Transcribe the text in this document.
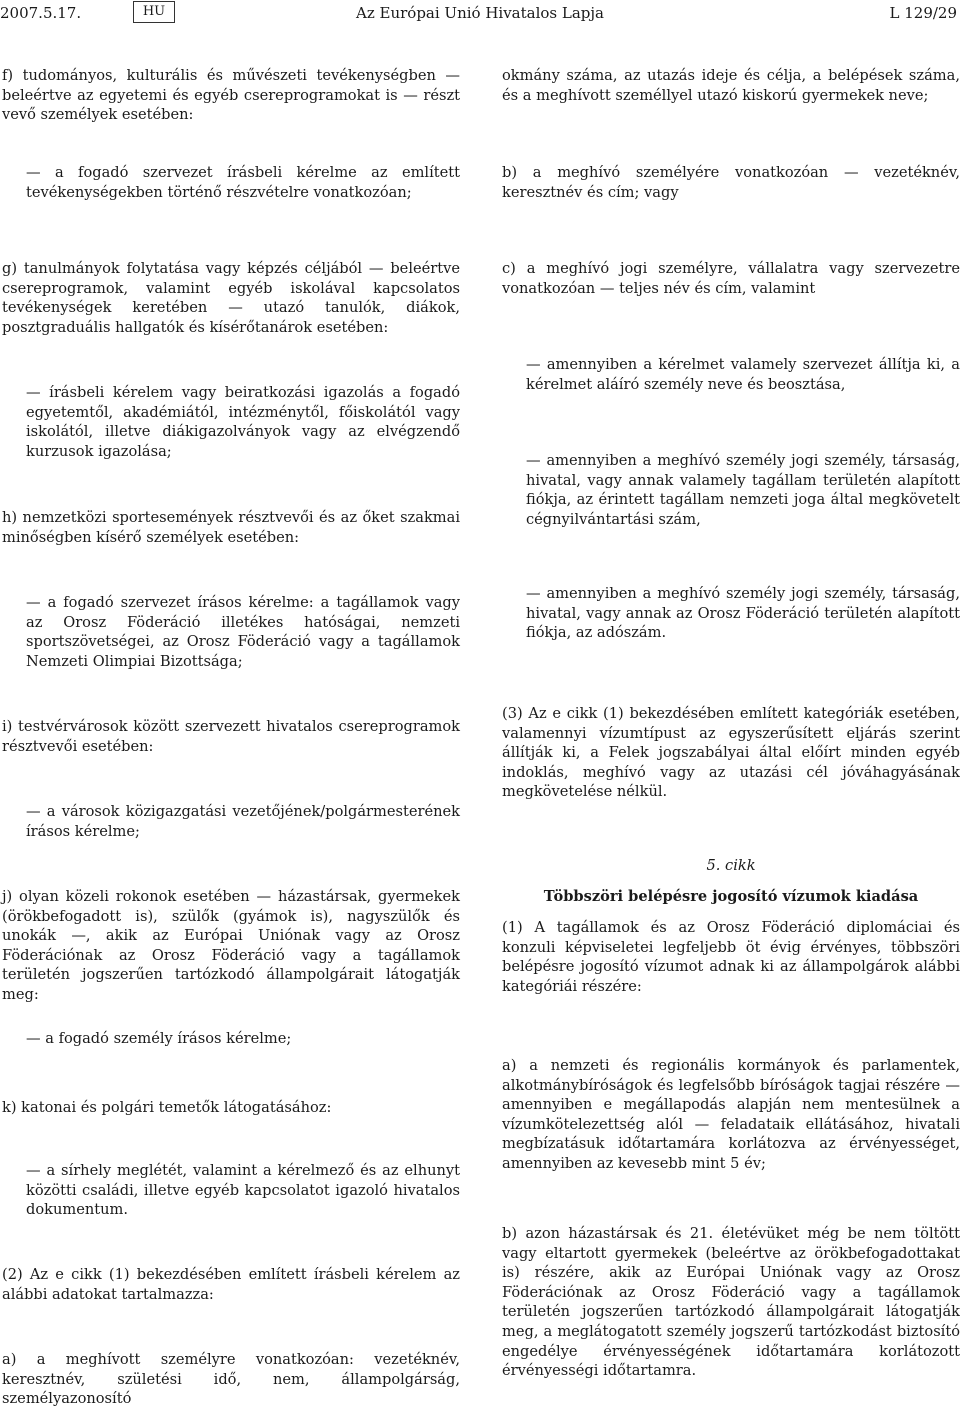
2007.5.17.	HU	Az Európai Unió Hivatalos Lapja	L 129/29
f) tudományos, kulturális és művészeti tevékenységben — beleértve az egyetemi és egyéb csereprogramokat is — részt vevő személyek esetében:
— a fogadó szervezet írásbeli kérelme az említett tevékenységekben történő részvételre vonatkozóan;
g) tanulmányok folytatása vagy képzés céljából — beleértve csereprogramok, valamint egyéb iskolával kapcsolatos tevékenységek keretében — utazó tanulók, diákok, posztgraduális hallgatók és kísérőtanárok esetében:
— írásbeli kérelem vagy beiratkozási igazolás a fogadó egyetemtől, akadémiától, intézménytől, főiskolától vagy iskolától, illetve diákigazolványok vagy az elvégzendő kurzusok igazolása;
h) nemzetközi sportesemények résztvevői és az őket szakmai minőségben kísérő személyek esetében:
— a fogadó szervezet írásos kérelme: a tagállamok vagy az Orosz Föderáció illetékes hatóságai, nemzeti sportszövetségei, az Orosz Föderáció vagy a tagállamok Nemzeti Olimpiai Bizottsága;
i) testvérvárosok között szervezett hivatalos csereprogramok résztvevői esetében:
— a városok közigazgatási vezetőjének/polgármesterének írásos kérelme;
j) olyan közeli rokonok esetében — házastársak, gyermekek (örökbefogadott is), szülők (gyámok is), nagyszülők és unokák —, akik az Európai Uniónak vagy az Orosz Föderációnak az Orosz Föderáció vagy a tagállamok területén jogszerűen tartózkodó állampolgárait látogatják meg:
— a fogadó személy írásos kérelme;
k) katonai és polgári temetők látogatásához:
— a sírhely meglétét, valamint a kérelmező és az elhunyt közötti családi, illetve egyéb kapcsolatot igazoló hivatalos dokumentum.
(2) Az e cikk (1) bekezdésében említett írásbeli kérelem az alábbi adatokat tartalmazza:
a) a meghívott személyre vonatkozóan: vezetéknév, keresztnév, születési idő, nem, állampolgárság, személyazonosító
okmány száma, az utazás ideje és célja, a belépések száma, és a meghívott személlyel utazó kiskorú gyermekek neve;
b) a meghívó személyére vonatkozóan — vezetéknév, keresztnév és cím; vagy
c) a meghívó jogi személyre, vállalatra vagy szervezetre vonatkozóan — teljes név és cím, valamint
— amennyiben a kérelmet valamely szervezet állítja ki, a kérelmet aláíró személy neve és beosztása,
— amennyiben a meghívó személy jogi személy, társaság, hivatal, vagy annak valamely tagállam területén alapított fiókja, az érintett tagállam nemzeti joga által megkövetelt cégnyilvántartási szám,
— amennyiben a meghívó személy jogi személy, társaság, hivatal, vagy annak az Orosz Föderáció területén alapított fiókja, az adószám.
(3) Az e cikk (1) bekezdésében említett kategóriák esetében, valamennyi vízumtípust az egyszerűsített eljárás szerint állítják ki, a Felek jogszabályai által előírt minden egyéb indoklás, meghívó vagy az utazási cél jóváhagyásának megkövetelése nélkül.
5. cikk
Többszöri belépésre jogosító vízumok kiadása
(1) A tagállamok és az Orosz Föderáció diplomáciai és konzuli képviseletei legfeljebb öt évig érvényes, többszöri belépésre jogosító vízumot adnak ki az állampolgárok alábbi kategóriái részére:
a) a nemzeti és regionális kormányok és parlamentek, alkotmánybíróságok és legfelsőbb bíróságok tagjai részére — amennyiben e megállapodás alapján nem mentesülnek a vízumkötelezettség alól — feladataik ellátásához, hivatali megbízatásuk időtartamára korlátozva az érvényességet, amennyiben az kevesebb mint 5 év;
b) azon házastársak és 21. életévüket még be nem töltött vagy eltartott gyermekek (beleértve az örökbefogadottakat is) részére, akik az Európai Uniónak vagy az Orosz Föderációnak az Orosz Föderáció vagy a tagállamok területén jogszerűen tartózkodó állampolgárait látogatják meg, a meglátogatott személy jogszerű tartózkodást biztosító engedélye érvényességének időtartamára korlátozott érvényességi időtartamra.
